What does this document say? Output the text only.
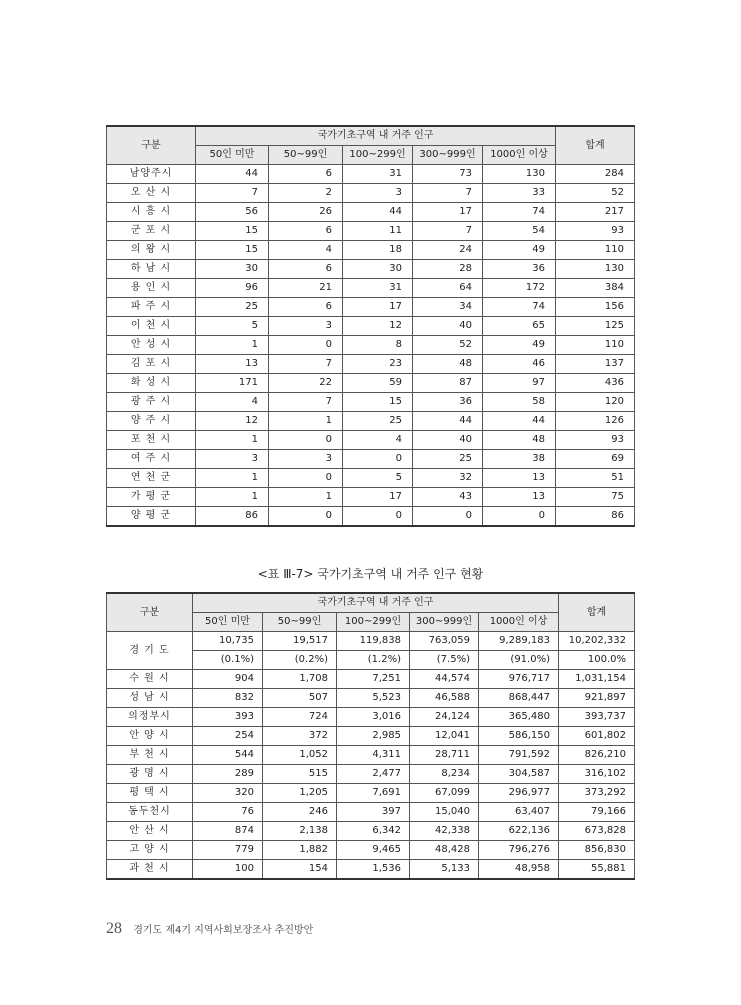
구분	국가기초구역 내 거주 인구					합계
	50인 미만	50~99인	100~299인	300~999인	1000인 이상	
남양주시	44	6	31	73	130	284
오 산 시	7	2	3	7	33	52
시 흥 시	56	26	44	17	74	217
군 포 시	15	6	11	7	54	93
의 왕 시	15	4	18	24	49	110
하 남 시	30	6	30	28	36	130
용 인 시	96	21	31	64	172	384
파 주 시	25	6	17	34	74	156
이 천 시	5	3	12	40	65	125
안 성 시	1	0	8	52	49	110
김 포 시	13	7	23	48	46	137
화 성 시	171	22	59	87	97	436
광 주 시	4	7	15	36	58	120
양 주 시	12	1	25	44	44	126
포 천 시	1	0	4	40	48	93
여 주 시	3	3	0	25	38	69
연 천 군	1	0	5	32	13	51
가 평 군	1	1	17	43	13	75
양 평 군	86	0	0	0	0	86
<표 Ⅲ-7> 국가기초구역 내 거주 인구 현황
구분	국가기초구역 내 거주 인구					합계
	50인 미만	50~99인	100~299인	300~999인	1000인 이상	
경 기 도	10,735	19,517	119,838	763,059	9,289,183	10,202,332
	(0.1%)	(0.2%)	(1.2%)	(7.5%)	(91.0%)	100.0%
수 원 시	904	1,708	7,251	44,574	976,717	1,031,154
성 남 시	832	507	5,523	46,588	868,447	921,897
의정부시	393	724	3,016	24,124	365,480	393,737
안 양 시	254	372	2,985	12,041	586,150	601,802
부 천 시	544	1,052	4,311	28,711	791,592	826,210
광 명 시	289	515	2,477	8,234	304,587	316,102
평 택 시	320	1,205	7,691	67,099	296,977	373,292
동두천시	76	246	397	15,040	63,407	79,166
안 산 시	874	2,138	6,342	42,338	622,136	673,828
고 양 시	779	1,882	9,465	48,428	796,276	856,830
과 천 시	100	154	1,536	5,133	48,958	55,881
28 경기도 제4기 지역사회보장조사 추진방안
